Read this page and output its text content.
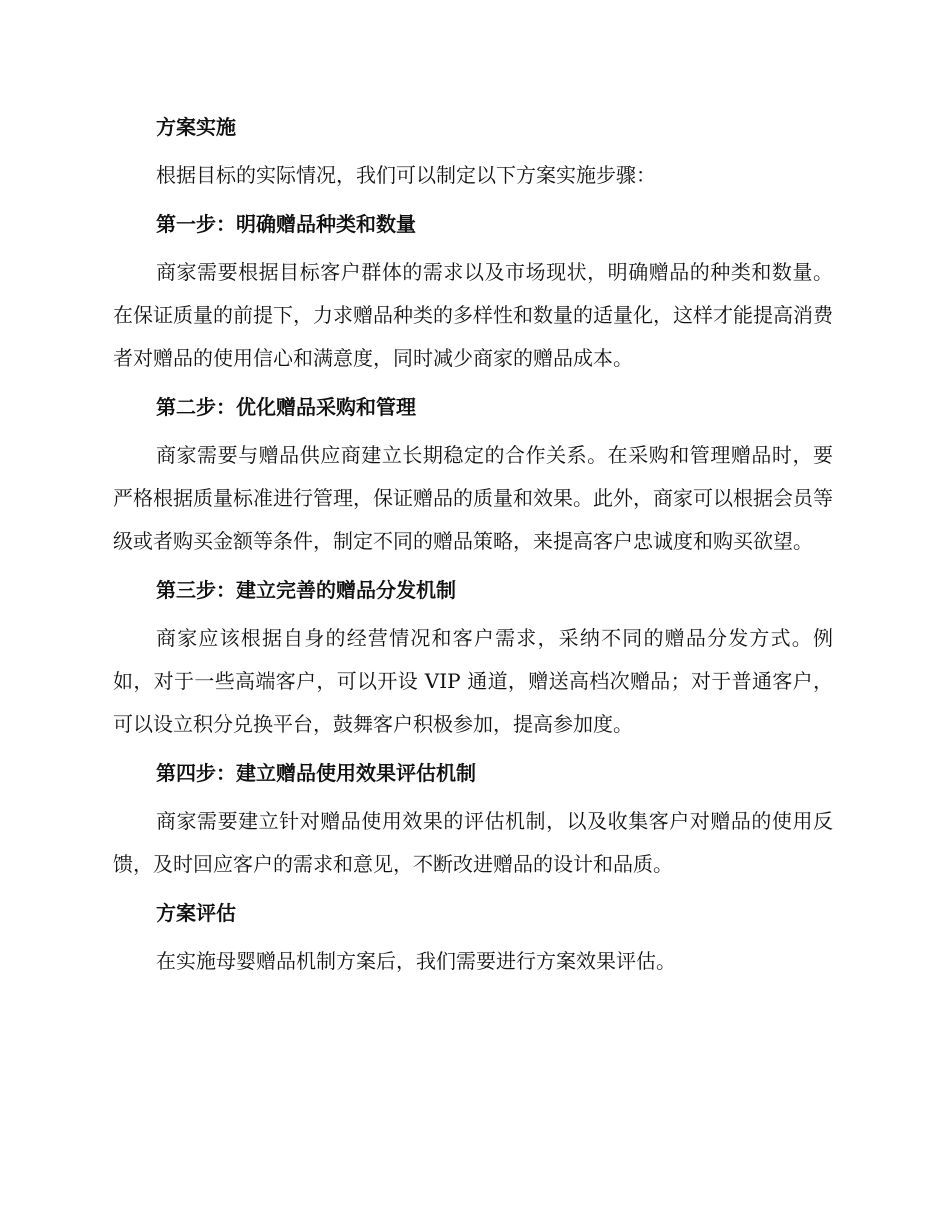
方案实施

根据目标的实际情况，我们可以制定以下方案实施步骤：

第一步：明确赠品种类和数量

商家需要根据目标客户群体的需求以及市场现状，明确赠品的种类和数量。在保证质量的前提下，力求赠品种类的多样性和数量的适量化，这样才能提高消费者对赠品的使用信心和满意度，同时减少商家的赠品成本。

第二步：优化赠品采购和管理

商家需要与赠品供应商建立长期稳定的合作关系。在采购和管理赠品时，要严格根据质量标准进行管理，保证赠品的质量和效果。此外，商家可以根据会员等级或者购买金额等条件，制定不同的赠品策略，来提高客户忠诚度和购买欲望。

第三步：建立完善的赠品分发机制

商家应该根据自身的经营情况和客户需求，采纳不同的赠品分发方式。例如，对于一些高端客户，可以开设 VIP 通道，赠送高档次赠品；对于普通客户，可以设立积分兑换平台，鼓舞客户积极参加，提高参加度。

第四步：建立赠品使用效果评估机制

商家需要建立针对赠品使用效果的评估机制，以及收集客户对赠品的使用反馈，及时回应客户的需求和意见，不断改进赠品的设计和品质。

方案评估

在实施母婴赠品机制方案后，我们需要进行方案效果评估。
